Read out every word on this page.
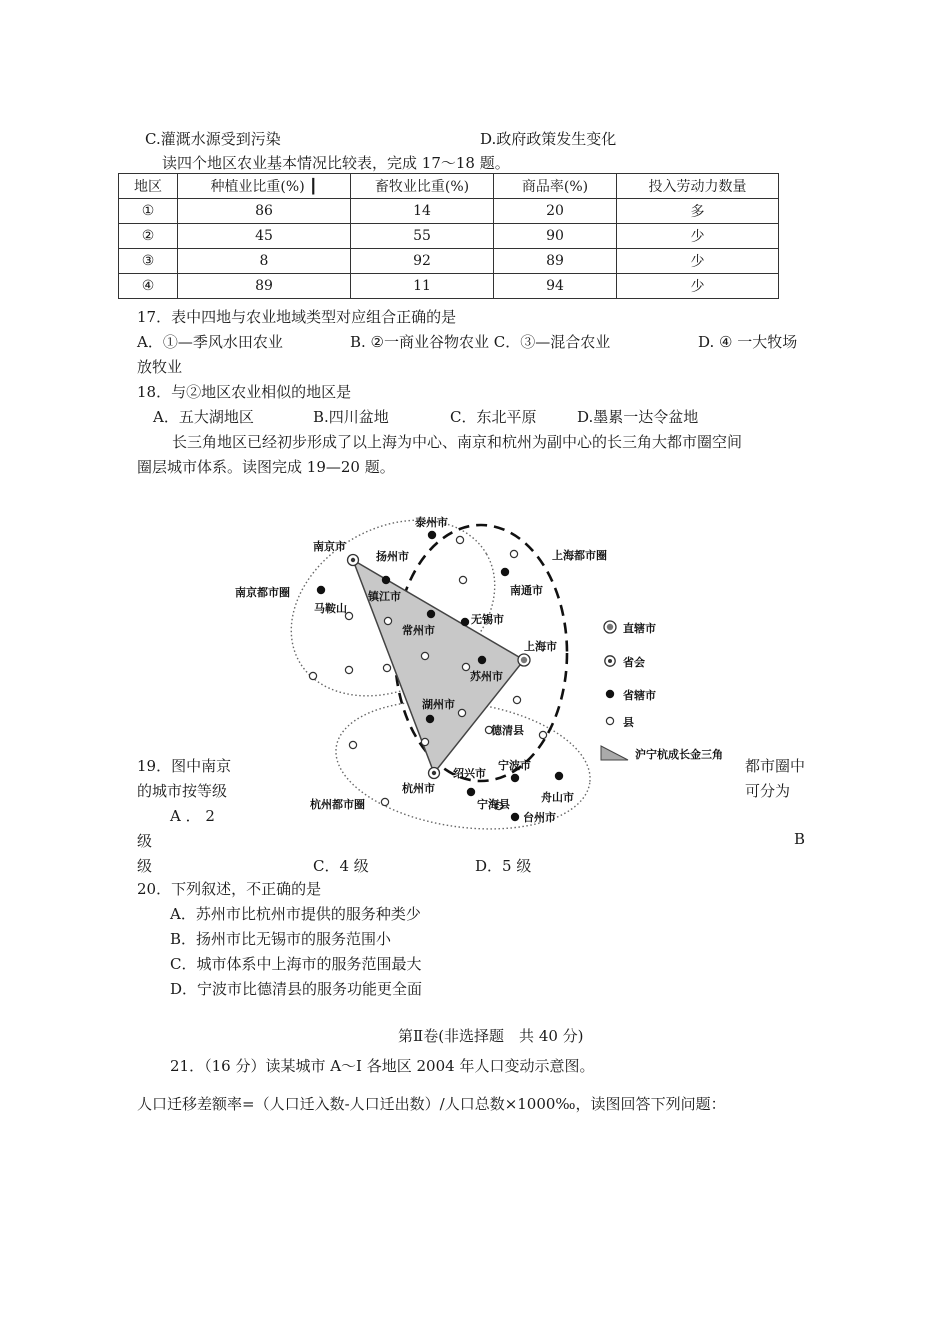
C.灌溉水源受到污染	D.政府政策发生变化
读四个地区农业基本情况比较表，完成 17～18 题。
地区	种植业比重(%) ┃	畜牧业比重(%)	商品率(%)	投入劳动力数量
①	86	14	20	多
②	45	55	90	少
③	8	92	89	少
④	89	11	94	少
17．表中四地与农业地域类型对应组合正确的是
A．①—季风水田农业	B. ②一商业谷物农业 C．③—混合农业	D. ④ 一大牧场
放牧业
18．与②地区农业相似的地区是
A．五大湖地区	B.四川盆地	C．东北平原	D.墨累一达令盆地
长三角地区已经初步形成了以上海为中心、南京和杭州为副中心的长三角大都市圈空间
圈层城市体系。读图完成 19—20 题。
南京市
泰州市
扬州市
镇江市
马鞍山
常州市
无锡市
南通市
上海市
苏州市
湖州市
德清县
杭州市
绍兴市
宁波市
舟山市
宁海县
台州市
南京都市圈
上海都市圈
杭州都市圈
直辖市
省会
省辖市
县
沪宁杭成长金三角
19．图中南京
的城市按等级
都市圈中
可分为
A ． 2
级	B
级	C．4 级	D．5 级
20．下列叙述，不正确的是
A．苏州市比杭州市提供的服务种类少
B．扬州市比无锡市的服务范围小
C．城市体系中上海市的服务范围最大
D．宁波市比德清县的服务功能更全面
第Ⅱ卷(非选择题　共 40 分)
21．（16 分）读某城市 A～I 各地区 2004 年人口变动示意图。
人口迁移差额率=（人口迁入数-人口迁出数）/人口总数×1000‰，读图回答下列问题：
